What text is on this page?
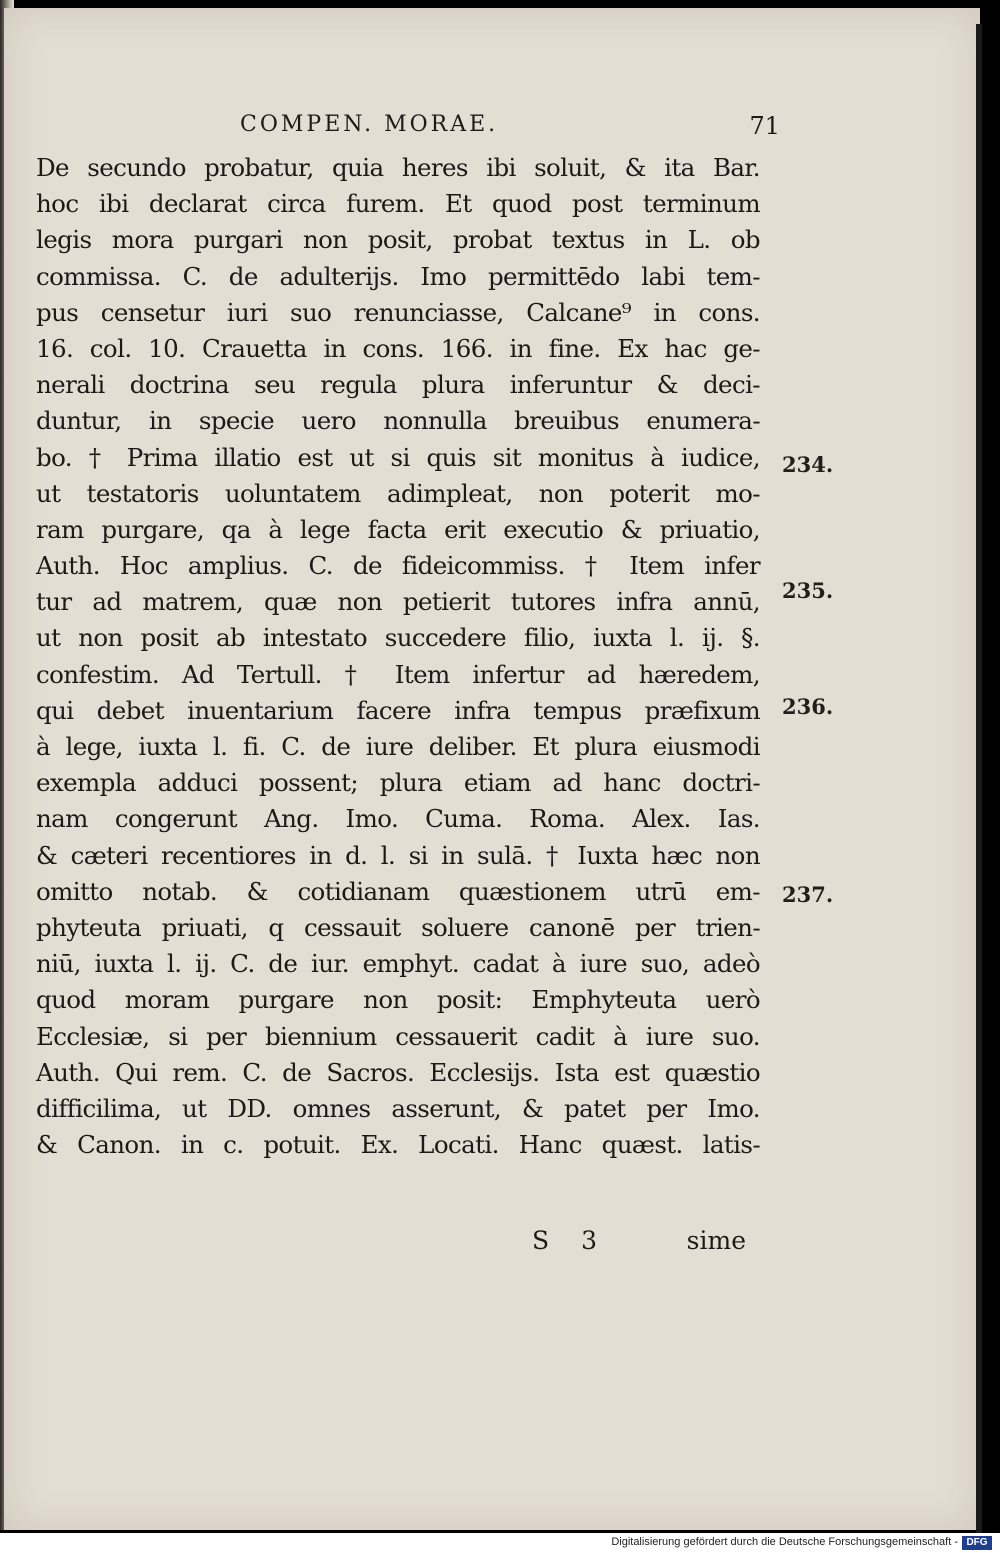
COMPEN. MORAE.	71
De secundo probatur, quia heres ibi soluit, & ita Bar.
hoc ibi declarat circa furem. Et quod post terminum
legis mora purgari non posit, probat textus in L. ob
commissa. C. de adulterijs. Imo permittēdo labi tem-
pus censetur iuri suo renunciasse, Calcane⁹ in cons.
16. col. 10. Crauetta in cons. 166. in fine. Ex hac ge-
nerali doctrina seu regula plura inferuntur & deci-
duntur, in specie uero nonnulla breuibus enumera-
bo. † Prima illatio est ut si quis sit monitus à iudice,
ut testatoris uoluntatem adimpleat, non poterit mo-
ram purgare, qa à lege facta erit executio & priuatio,
Auth. Hoc amplius. C. de fideicommiss. † Item infer
tur ad matrem, quæ non petierit tutores infra annū,
ut non posit ab intestato succedere filio, iuxta l. ij. §.
confestim. Ad Tertull. † Item infertur ad hæredem,
qui debet inuentarium facere infra tempus præfixum
à lege, iuxta l. fi. C. de iure deliber. Et plura eiusmodi
exempla adduci possent; plura etiam ad hanc doctri-
nam congerunt Ang. Imo. Cuma. Roma. Alex. Ias.
& cæteri recentiores in d. l. si in sulā. † Iuxta hæc non
omitto notab. & cotidianam quæstionem utrū em-
phyteuta priuati, q cessauit soluere canonē per trien-
niū, iuxta l. ij. C. de iur. emphyt. cadat à iure suo, adeò
quod moram purgare non posit: Emphyteuta uerò
Ecclesiæ, si per biennium cessauerit cadit à iure suo.
Auth. Qui rem. C. de Sacros. Ecclesijs. Ista est quæstio
difficilima, ut DD. omnes asserunt, & patet per Imo.
& Canon. in c. potuit. Ex. Locati. Hanc quæst. latis-
234.
235.
236.
237.
S 3	sime
Digitalisierung gefördert durch die Deutsche Forschungsgemeinschaft - DFG
